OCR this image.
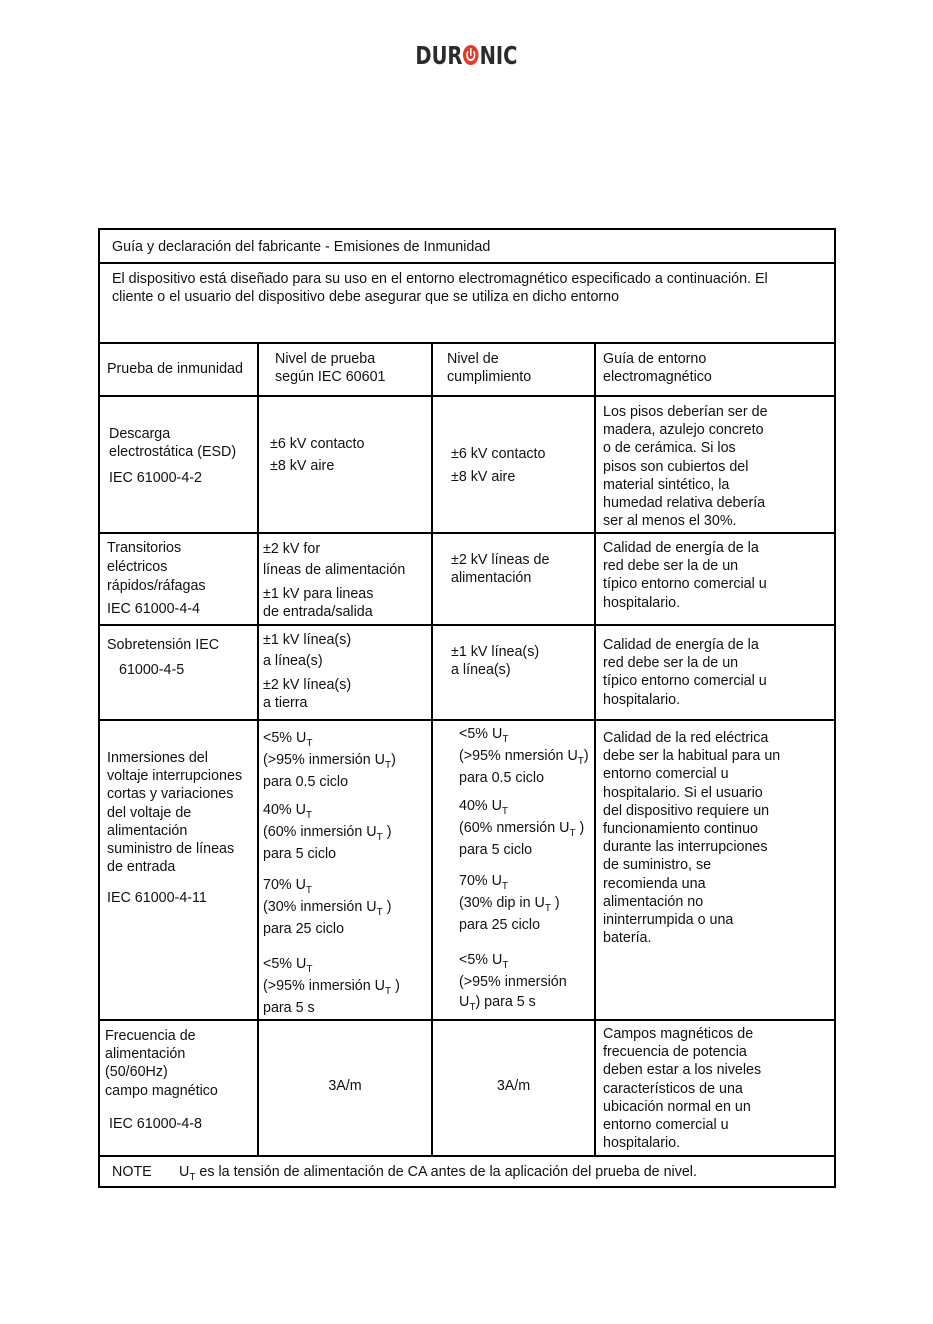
DUR NIC
Guía y declaración del fabricante - Emisiones de Inmunidad
El dispositivo está diseñado para su uso en el entorno electromagnético especificado a continuación. El
cliente o el usuario del dispositivo debe asegurar que se utiliza en dicho entorno
Prueba de inmunidad
Nivel de prueba
según IEC 60601
Nivel de
cumplimiento
Guía de entorno
electromagnético
Descarga
electrostática (ESD)
IEC 61000-4-2
±6 kV contacto
±8 kV aire
±6 kV contacto
±8 kV aire
Los pisos deberían ser de
madera, azulejo concreto
o de cerámica. Si los
pisos son cubiertos del
material sintético, la
humedad relativa debería
ser al menos el 30%.
Transitorios
eléctricos
rápidos/ráfagas
IEC 61000-4-4
±2 kV for
líneas de alimentación
±1 kV para lineas
de entrada/salida
±2 kV líneas de
alimentación
Calidad de energía de la
red debe ser la de un
típico entorno comercial u
hospitalario.
Sobretensión IEC
61000-4-5
±1 kV línea(s)
a línea(s)
±2 kV línea(s)
a tierra
±1 kV línea(s)
a línea(s)
Calidad de energía de la
red debe ser la de un
típico entorno comercial u
hospitalario.
Inmersiones del
voltaje interrupciones
cortas y variaciones
del voltaje de
alimentación
suministro de líneas
de entrada
IEC 61000-4-11
<5% $U_T$
(>95% inmersión $U_T$)
para 0.5 ciclo
40% $U_T$
(60% inmersión $U_T$ )
para 5 ciclo
70% $U_T$
(30% inmersión $U_T$ )
para 25 ciclo
<5% $U_T$
(>95% inmersión $U_T$ )
para 5 s
<5% $U_T$
(>95% nmersión $U_T$)
para 0.5 ciclo
40% $U_T$
(60% nmersión $U_T$ )
para 5 ciclo
70% $U_T$
(30% dip in $U_T$ )
para 25 ciclo
<5% $U_T$
(>95% inmersión
$U_T$) para 5 s
Calidad de la red eléctrica
debe ser la habitual para un
entorno comercial u
hospitalario. Si el usuario
del dispositivo requiere un
funcionamiento continuo
durante las interrupciones
de suministro, se
recomienda una
alimentación no
ininterrumpida o una
batería.
Frecuencia de
alimentación
(50/60Hz)
campo magnético
IEC 61000-4-8
3A/m	3A/m
Campos magnéticos de
frecuencia de potencia
deben estar a los niveles
característicos de una
ubicación normal en un
entorno comercial u
hospitalario.
NOTE $U_T$ es la tensión de alimentación de CA antes de la aplicación del prueba de nivel.
